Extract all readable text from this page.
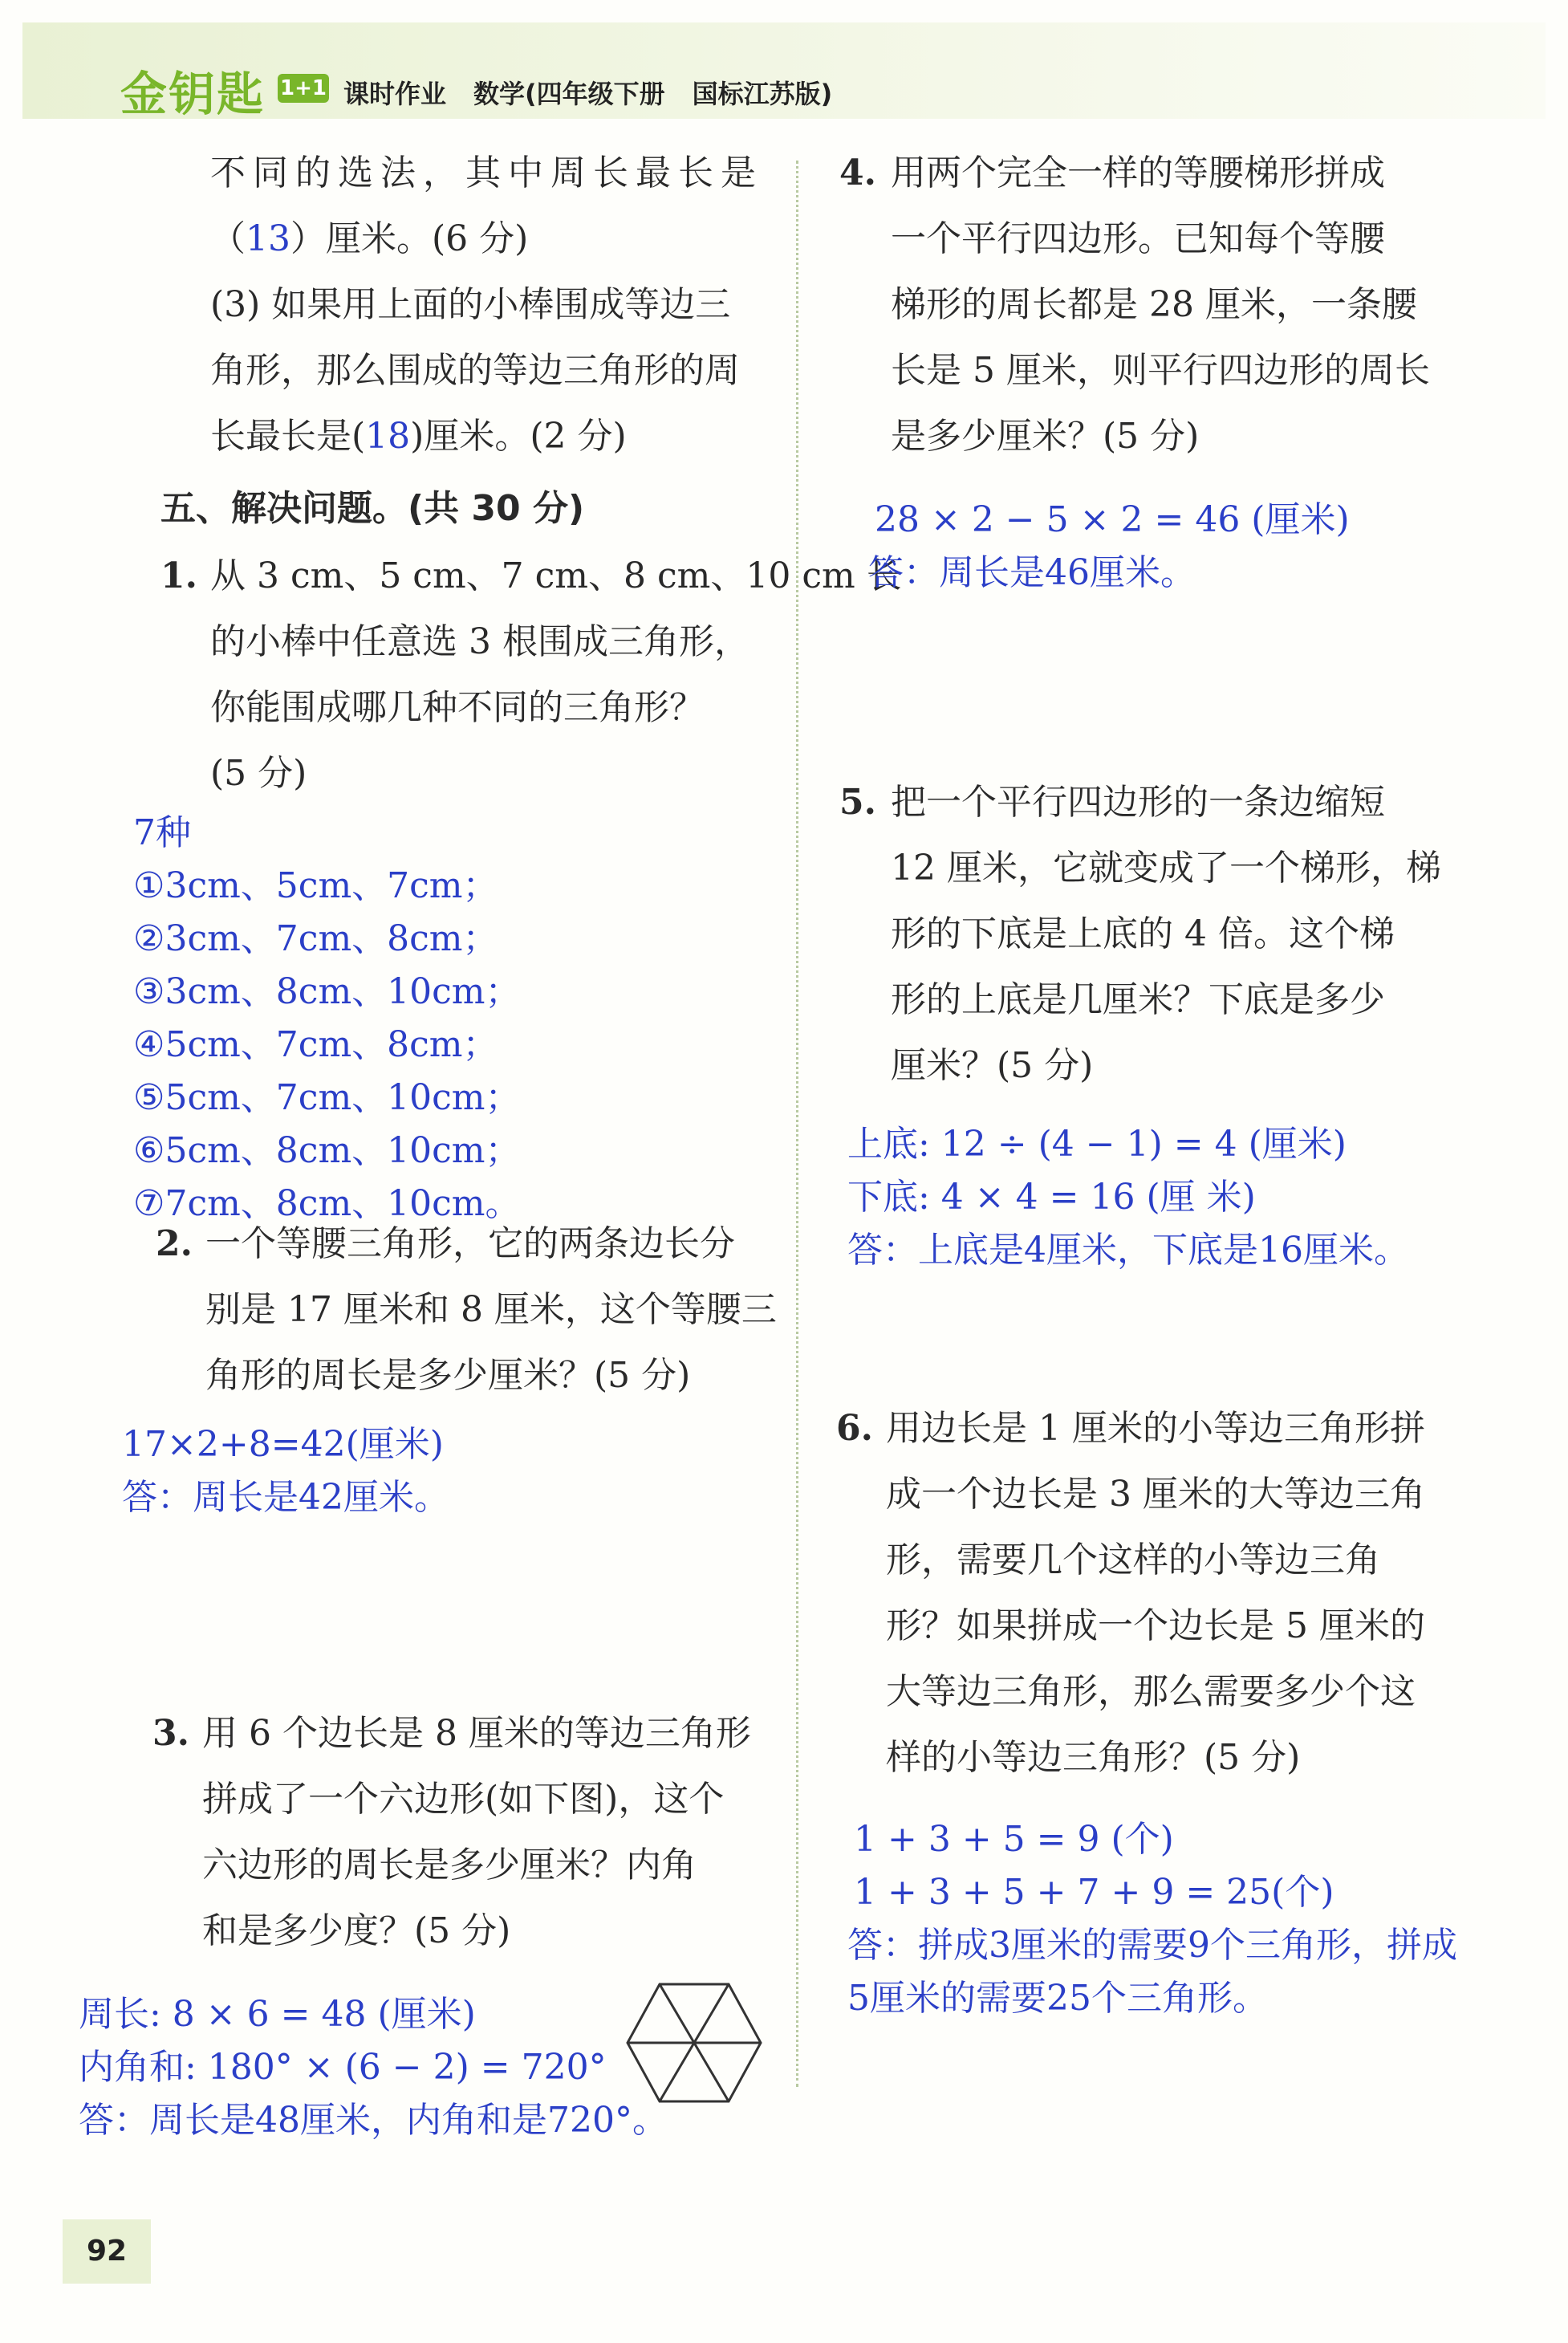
金钥匙 1+1 课时作业 数学(四年级下册 国标江苏版)
不同的选法，其中周长最长是
（13）厘米。(6 分)
(3) 如果用上面的小棒围成等边三
角形，那么围成的等边三角形的周
长最长是(18)厘米。(2 分)
五、解决问题。(共 30 分)
1. 从 3 cm、5 cm、7 cm、8 cm、10 cm 长
的小棒中任意选 3 根围成三角形，
你能围成哪几种不同的三角形？
(5 分)
7种
①3cm、5cm、7cm；
②3cm、7cm、8cm；
③3cm、8cm、10cm；
④5cm、7cm、8cm；
⑤5cm、7cm、10cm；
⑥5cm、8cm、10cm；
⑦7cm、8cm、10cm。
2. 一个等腰三角形，它的两条边长分
别是 17 厘米和 8 厘米，这个等腰三
角形的周长是多少厘米？(5 分)
17×2+8=42(厘米)
答：周长是42厘米。
3. 用 6 个边长是 8 厘米的等边三角形
拼成了一个六边形(如下图)，这个
六边形的周长是多少厘米？内角
和是多少度？(5 分)
周长: 8 × 6 = 48 (厘米)
内角和: 180° × (6 − 2) = 720°
答：周长是48厘米，内角和是720°。
4. 用两个完全一样的等腰梯形拼成
一个平行四边形。已知每个等腰
梯形的周长都是 28 厘米，一条腰
长是 5 厘米，则平行四边形的周长
是多少厘米？(5 分)
28 × 2 − 5 × 2 = 46 (厘米)
答：周长是46厘米。
5. 把一个平行四边形的一条边缩短
12 厘米，它就变成了一个梯形，梯
形的下底是上底的 4 倍。这个梯
形的上底是几厘米？下底是多少
厘米？(5 分)
上底: 12 ÷ (4 − 1) = 4 (厘米)
下底: 4 × 4 = 16 (厘 米)
答：上底是4厘米，下底是16厘米。
6. 用边长是 1 厘米的小等边三角形拼
成一个边长是 3 厘米的大等边三角
形，需要几个这样的小等边三角
形？如果拼成一个边长是 5 厘米的
大等边三角形，那么需要多少个这
样的小等边三角形？(5 分)
1 + 3 + 5 = 9 (个)
1 + 3 + 5 + 7 + 9 = 25(个)
答：拼成3厘米的需要9个三角形，拼成
5厘米的需要25个三角形。
92
